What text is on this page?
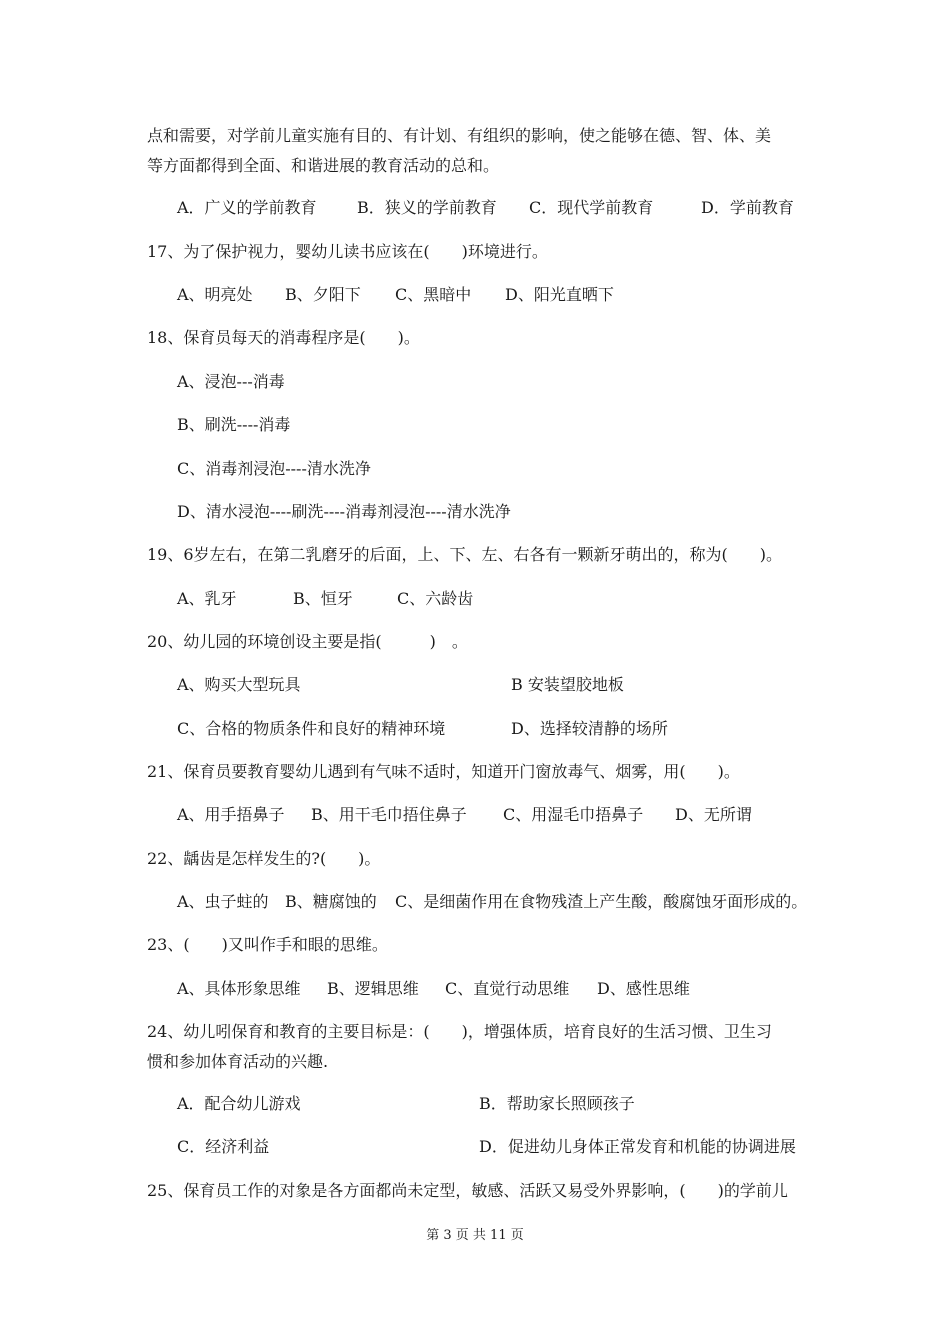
点和需要，对学前儿童实施有目的、有计划、有组织的影响，使之能够在德、智、体、美
等方面都得到全面、和谐进展的教育活动的总和。
A．广义的学前教育	B．狭义的学前教育 C．现代学前教育	D．学前教育
17、为了保护视力，婴幼儿读书应该在(　　)环境进行。
A、明亮处 B、夕阳下 C、黑暗中 D、阳光直晒下
18、保育员每天的消毒程序是(　　)。
A、浸泡---消毒
B、刷洗----消毒
C、消毒剂浸泡----清水洗净
D、清水浸泡----刷洗----消毒剂浸泡----清水洗净
19、6岁左右，在第二乳磨牙的后面，上、下、左、右各有一颗新牙萌出的，称为(　　)。
A、乳牙	B、恒牙	C、六龄齿
20、幼儿园的环境创设主要是指(　　　)　。
A、购买大型玩具	B 安装望胶地板
C、合格的物质条件和良好的精神环境	D、选择较清静的场所
21、保育员要教育婴幼儿遇到有气味不适时，知道开门窗放毒气、烟雾，用(　　)。
A、用手捂鼻子 B、用干毛巾捂住鼻子 C、用湿毛巾捂鼻子 D、无所谓
22、龋齿是怎样发生的?(　　)。
A、虫子蛀的 B、糖腐蚀的 C、是细菌作用在食物残渣上产生酸，酸腐蚀牙面形成的。
23、(　　)又叫作手和眼的思维。
A、具体形象思维 B、逻辑思维 C、直觉行动思维 D、感性思维
24、幼儿吲保育和教育的主要目标是：(　　)，增强体质，培育良好的生活习惯、卫生习
惯和参加体育活动的兴趣.
A．配合幼儿游戏	B．帮助家长照顾孩子
C．经济利益	D．促进幼儿身体正常发育和机能的协调进展
25、保育员工作的对象是各方面都尚未定型，敏感、活跃又易受外界影响，(　　)的学前儿
第 3 页 共 11 页
